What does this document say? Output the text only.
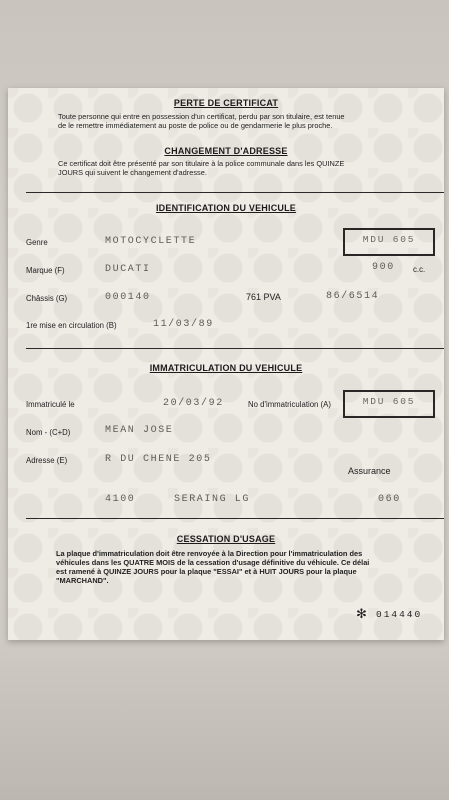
PERTE DE CERTIFICAT
Toute personne qui entre en possession d'un certificat, perdu par son titulaire, est tenue
de le remettre immédiatement au poste de police ou de gendarmerie le plus proche.
CHANGEMENT D'ADRESSE
Ce certificat doit être présenté par son titulaire à la police communale dans les QUINZE
JOURS qui suivent le changement d'adresse.
IDENTIFICATION DU VEHICULE
Genre	MOTOCYCLETTE	MDU 605
Marque (F)	DUCATI	900 c.c.
Châssis (G)	000140	761 PVA	86/6514
1re mise en circulation (B)	11/03/89
IMMATRICULATION DU VEHICULE
Immatriculé le	20/03/92	No d'immatriculation (A)	MDU 605
Nom - (C+D)	MEAN JOSE
Adresse (E)	R DU CHENE 205
Assurance
4100	SERAING LG	060
CESSATION D'USAGE
La plaque d'immatriculation doit être renvoyée à la Direction pour l'immatriculation des
véhicules dans les QUATRE MOIS de la cessation d'usage définitive du véhicule. Ce délai
est ramené à QUINZE JOURS pour la plaque "ESSAI" et à HUIT JOURS pour la plaque
"MARCHAND".
✻ 014440
